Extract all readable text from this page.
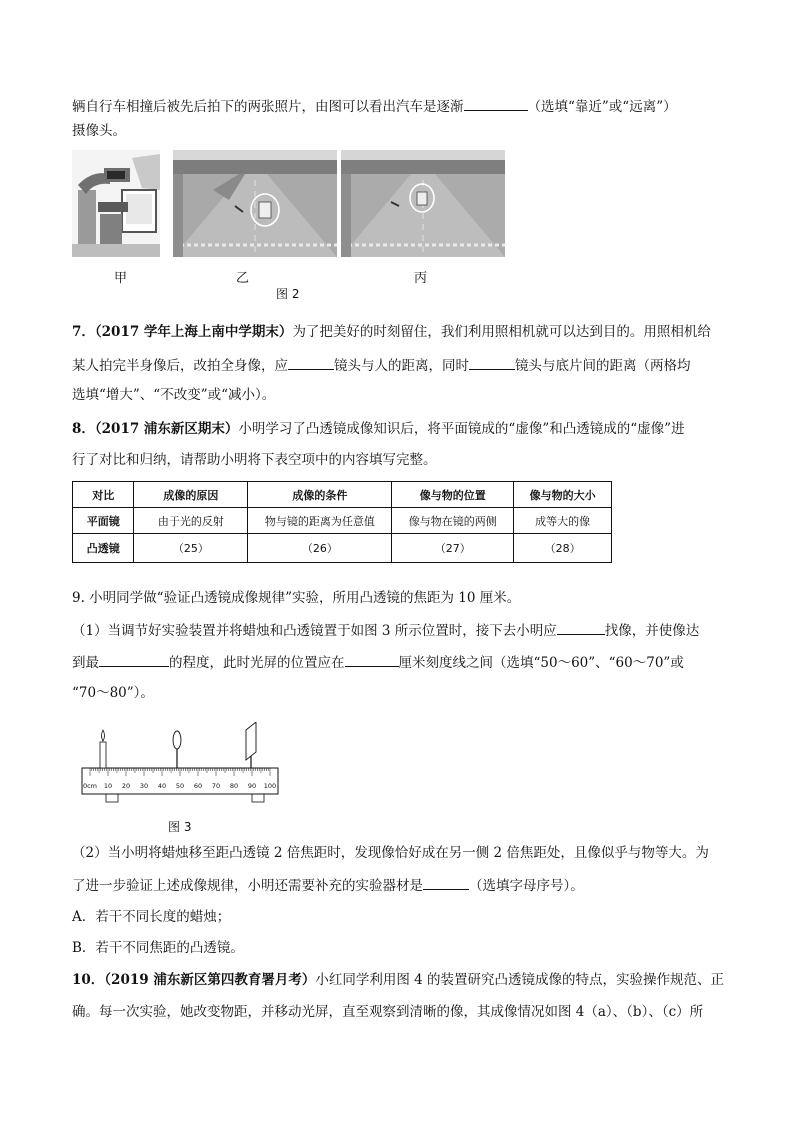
辆自行车相撞后被先后拍下的两张照片，由图可以看出汽车是逐渐	（选填“靠近”或“远离”）
摄像头。
甲	乙	丙
图 2
7．（2017 学年上海上南中学期末）为了把美好的时刻留住，我们利用照相机就可以达到目的。用照相机给
某人拍完半身像后，改拍全身像，应	镜头与人的距离，同时	镜头与底片间的距离（两格均
选填“增大”、“不改变”或“减小）。
8．（2017 浦东新区期末）小明学习了凸透镜成像知识后，将平面镜成的“虚像”和凸透镜成的“虚像”进
行了对比和归纳，请帮助小明将下表空项中的内容填写完整。
对比	成像的原因	成像的条件	像与物的位置	像与物的大小
平面镜	由于光的反射	物与镜的距离为任意值	像与物在镜的两侧	成等大的像
凸透镜	（25）	（26）	（27）	（28）
9. 小明同学做“验证凸透镜成像规律”实验，所用凸透镜的焦距为 10 厘米。
（1）当调节好实验装置并将蜡烛和凸透镜置于如图 3 所示位置时，接下去小明应	找像，并使像达
到最	的程度，此时光屏的位置应在	厘米刻度线之间（选填“50～60”、“60～70”或
“70～80”）。
0cm 10 20 30 40 50 60 70 80 90 100
图 3
（2）当小明将蜡烛移至距凸透镜 2 倍焦距时，发现像恰好成在另一侧 2 倍焦距处，且像似乎与物等大。为
了进一步验证上述成像规律，小明还需要补充的实验器材是	（选填字母序号）。
A．若干不同长度的蜡烛；
B．若干不同焦距的凸透镜。
10．（2019 浦东新区第四教育署月考）小红同学利用图 4 的装置研究凸透镜成像的特点，实验操作规范、正
确。每一次实验，她改变物距，并移动光屏，直至观察到清晰的像，其成像情况如图 4（a）、（b）、（c）所
